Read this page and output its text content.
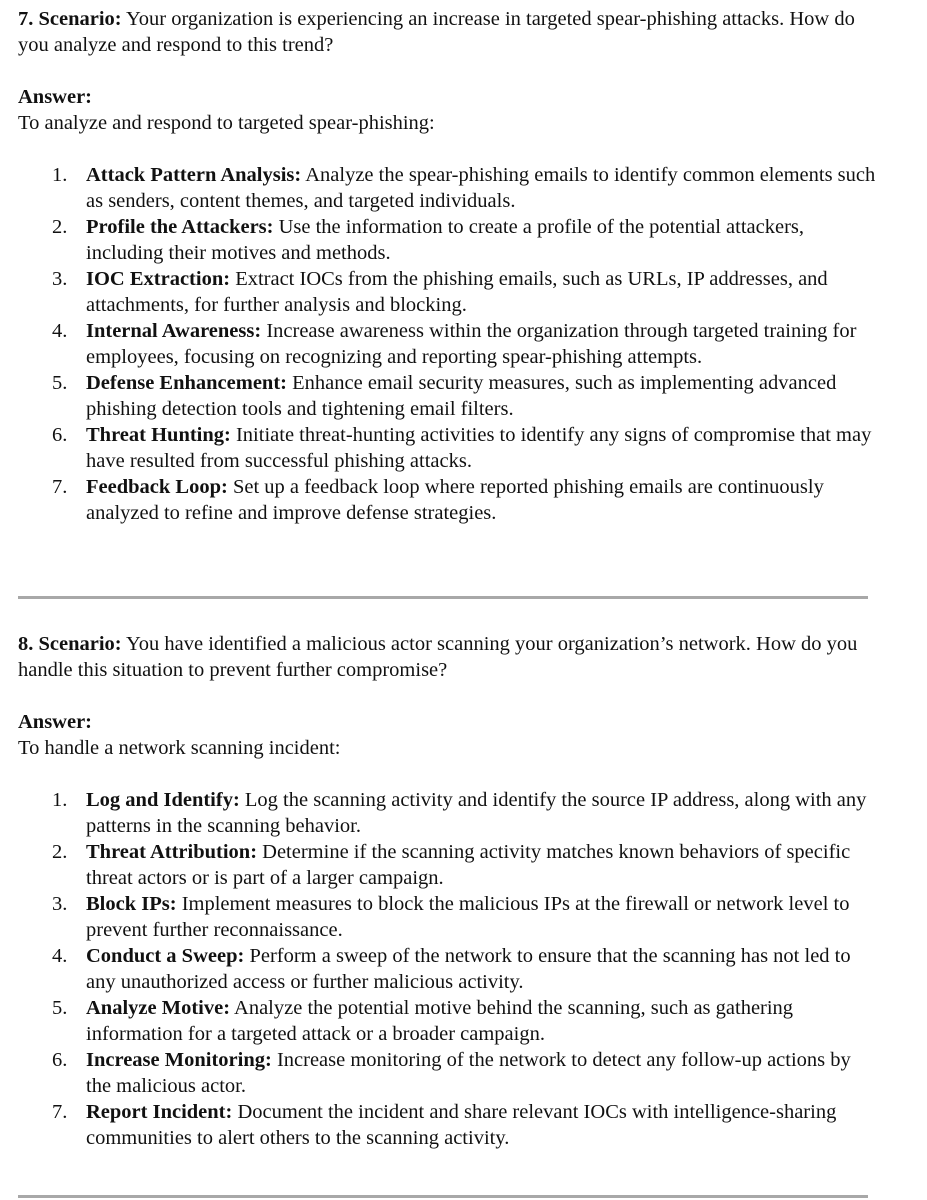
7. Scenario: Your organization is experiencing an increase in targeted spear-phishing attacks. How do you analyze and respond to this trend?

Answer:

To analyze and respond to targeted spear-phishing:

1. Attack Pattern Analysis: Analyze the spear-phishing emails to identify common elements such as senders, content themes, and targeted individuals.
2. Profile the Attackers: Use the information to create a profile of the potential attackers, including their motives and methods.
3. IOC Extraction: Extract IOCs from the phishing emails, such as URLs, IP addresses, and attachments, for further analysis and blocking.
4. Internal Awareness: Increase awareness within the organization through targeted training for employees, focusing on recognizing and reporting spear-phishing attempts.
5. Defense Enhancement: Enhance email security measures, such as implementing advanced phishing detection tools and tightening email filters.
6. Threat Hunting: Initiate threat-hunting activities to identify any signs of compromise that may have resulted from successful phishing attacks.
7. Feedback Loop: Set up a feedback loop where reported phishing emails are continuously analyzed to refine and improve defense strategies.

8. Scenario: You have identified a malicious actor scanning your organization’s network. How do you handle this situation to prevent further compromise?

Answer:

To handle a network scanning incident:

1. Log and Identify: Log the scanning activity and identify the source IP address, along with any patterns in the scanning behavior.
2. Threat Attribution: Determine if the scanning activity matches known behaviors of specific threat actors or is part of a larger campaign.
3. Block IPs: Implement measures to block the malicious IPs at the firewall or network level to prevent further reconnaissance.
4. Conduct a Sweep: Perform a sweep of the network to ensure that the scanning has not led to any unauthorized access or further malicious activity.
5. Analyze Motive: Analyze the potential motive behind the scanning, such as gathering information for a targeted attack or a broader campaign.
6. Increase Monitoring: Increase monitoring of the network to detect any follow-up actions by the malicious actor.
7. Report Incident: Document the incident and share relevant IOCs with intelligence-sharing communities to alert others to the scanning activity.
